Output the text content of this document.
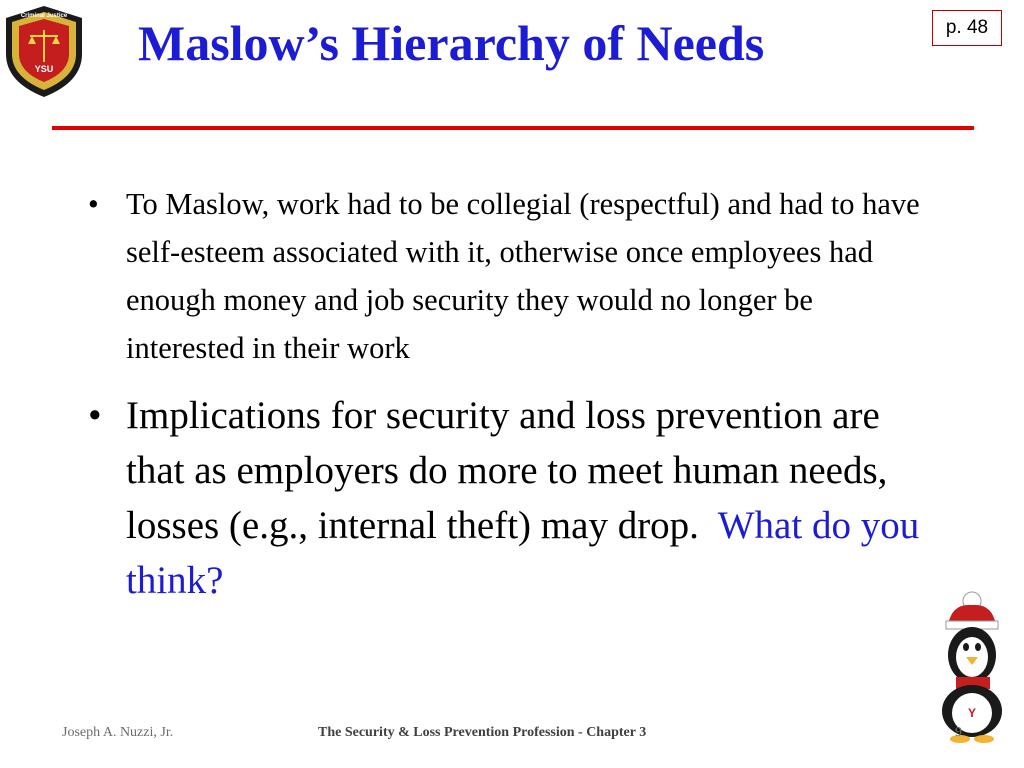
Criminal Justice
YSU Maslow’s Hierarchy of Needs	p. 48
• To Maslow, work had to be collegial (respectful) and had to have self-esteem associated with it, otherwise once employees had enough money and job security they would no longer be interested in their work
• Implications for security and loss prevention are that as employers do more to meet human needs, losses (e.g., internal theft) may drop.  What do you think?
Y
Joseph A. Nuzzi, Jr.	The Security & Loss Prevention Profession - Chapter 3	9
